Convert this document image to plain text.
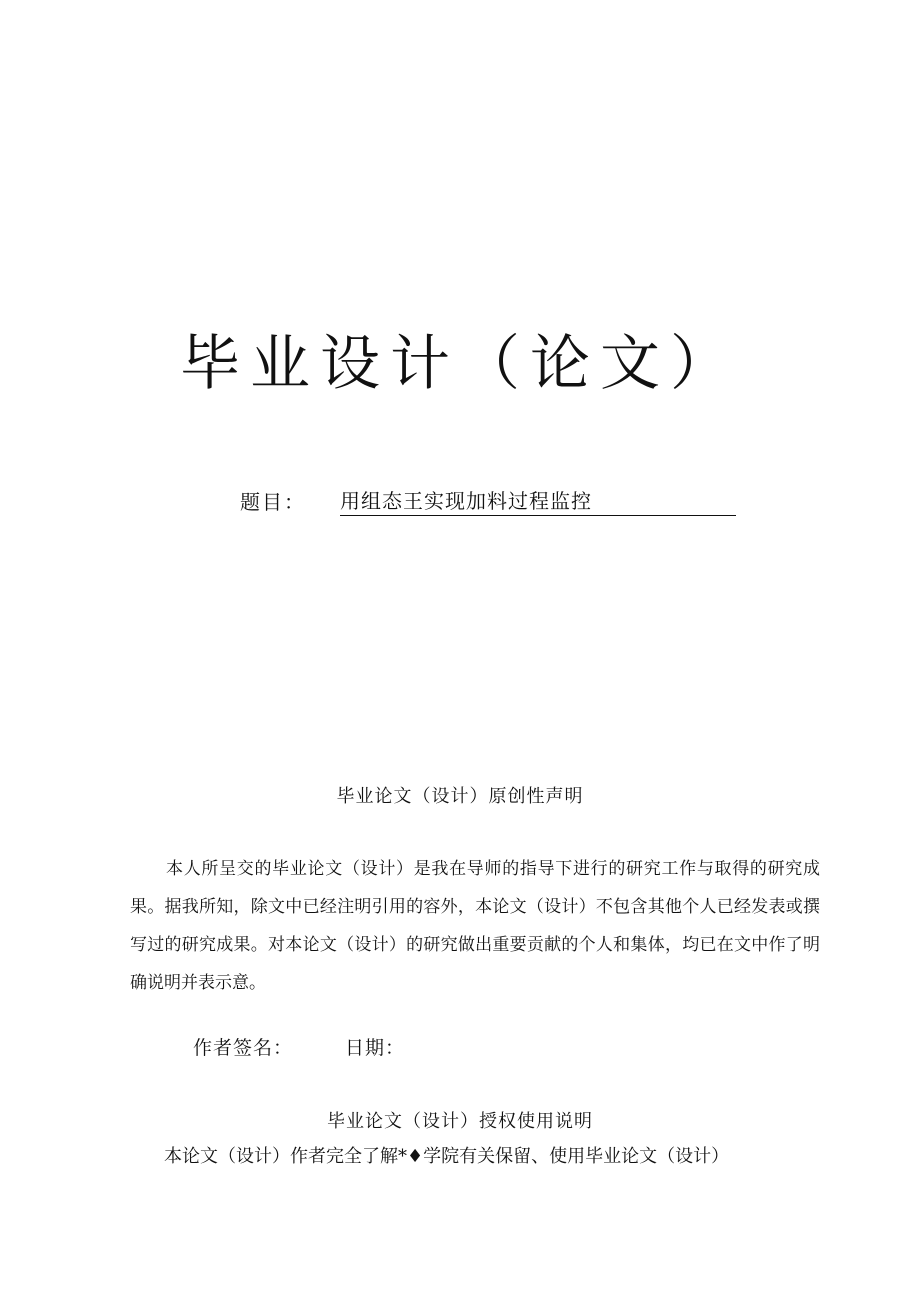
毕业设计（论文）
题目：	用组态王实现加料过程监控
毕业论文（设计）原创性声明

本人所呈交的毕业论文（设计）是我在导师的指导下进行的研究工作与取得的研究成果。据我所知，除文中已经注明引用的容外，本论文（设计）不包含其他个人已经发表或撰写过的研究成果。对本论文（设计）的研究做出重要贡献的个人和集体，均已在文中作了明确说明并表示意。

作者签名：	日期：
毕业论文（设计）授权使用说明

本论文（设计）作者完全了解*♦学院有关保留、使用毕业论文（设计）
